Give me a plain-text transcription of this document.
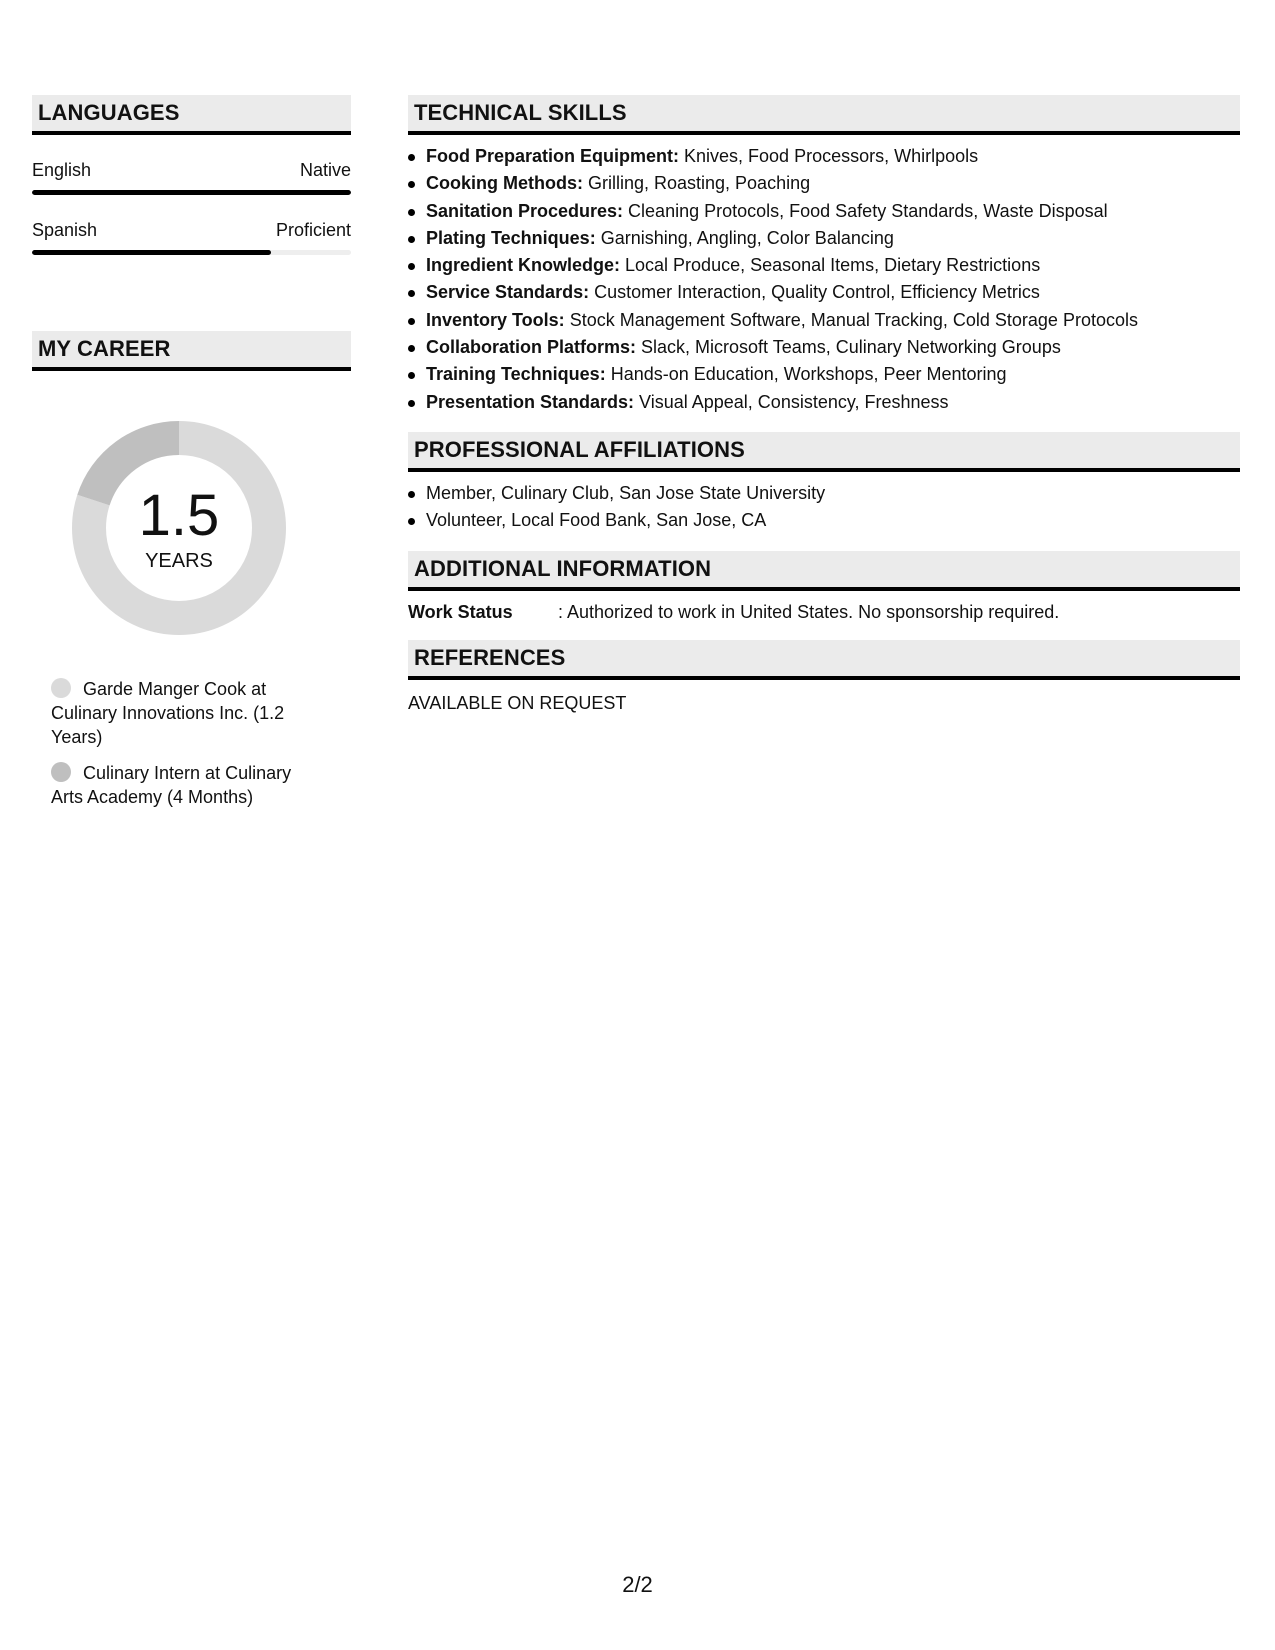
LANGUAGES
English	Native
Spanish	Proficient
MY CAREER
1.5
YEARS
Garde Manger Cook at Culinary Innovations Inc. (1.2 Years)
Culinary Intern at Culinary Arts Academy (4 Months)
TECHNICAL SKILLS
Food Preparation Equipment: Knives, Food Processors, Whirlpools
Cooking Methods: Grilling, Roasting, Poaching
Sanitation Procedures: Cleaning Protocols, Food Safety Standards, Waste Disposal
Plating Techniques: Garnishing, Angling, Color Balancing
Ingredient Knowledge: Local Produce, Seasonal Items, Dietary Restrictions
Service Standards: Customer Interaction, Quality Control, Efficiency Metrics
Inventory Tools: Stock Management Software, Manual Tracking, Cold Storage Protocols
Collaboration Platforms: Slack, Microsoft Teams, Culinary Networking Groups
Training Techniques: Hands-on Education, Workshops, Peer Mentoring
Presentation Standards: Visual Appeal, Consistency, Freshness
PROFESSIONAL AFFILIATIONS
Member, Culinary Club, San Jose State University
Volunteer, Local Food Bank, San Jose, CA
ADDITIONAL INFORMATION
Work Status	: Authorized to work in United States. No sponsorship required.
REFERENCES
AVAILABLE ON REQUEST
2/2
